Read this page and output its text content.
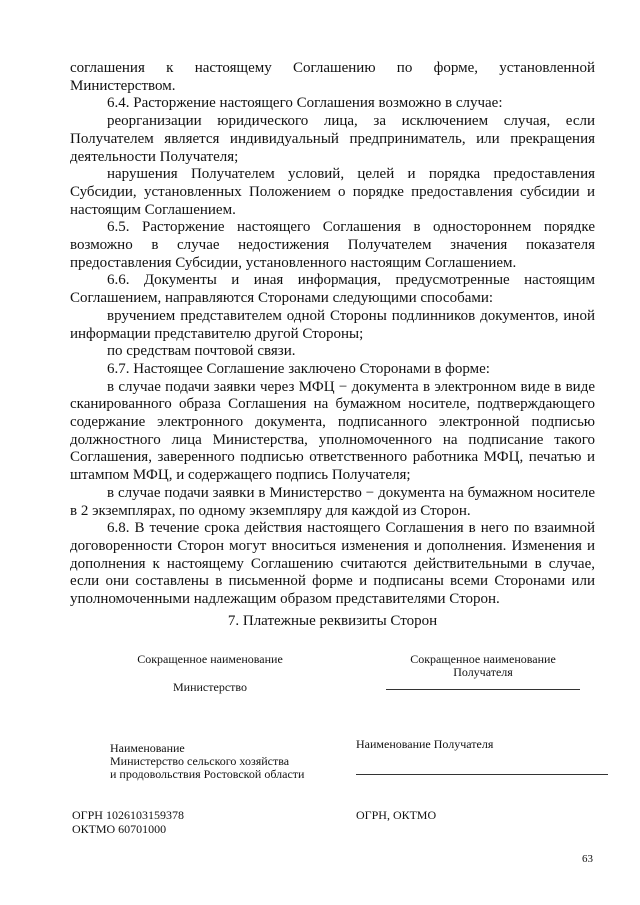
соглашения к настоящему Соглашению по форме, установленной Министерством.

6.4. Расторжение настоящего Соглашения возможно в случае:

реорганизации юридического лица, за исключением случая, если Получателем является индивидуальный предприниматель, или прекращения деятельности Получателя;

нарушения Получателем условий, целей и порядка предоставления Субсидии, установленных Положением о порядке предоставления субсидии и настоящим Соглашением.

6.5. Расторжение настоящего Соглашения в одностороннем порядке возможно в случае недостижения Получателем значения показателя предоставления Субсидии, установленного настоящим Соглашением.

6.6. Документы и иная информация, предусмотренные настоящим Соглашением, направляются Сторонами следующими способами:

вручением представителем одной Стороны подлинников документов, иной информации представителю другой Стороны;

по средствам почтовой связи.

6.7. Настоящее Соглашение заключено Сторонами в форме:

в случае подачи заявки через МФЦ − документа в электронном виде в виде сканированного образа Соглашения на бумажном носителе, подтверждающего содержание электронного документа, подписанного электронной подписью должностного лица Министерства, уполномоченного на подписание такого Соглашения, заверенного подписью ответственного работника МФЦ, печатью и штампом МФЦ, и содержащего подпись Получателя;

в случае подачи заявки в Министерство − документа на бумажном носителе в 2 экземплярах, по одному экземпляру для каждой из Сторон.

6.8. В течение срока действия настоящего Соглашения в него по взаимной договоренности Сторон могут вноситься изменения и дополнения. Изменения и дополнения к настоящему Соглашению считаются действительными в случае, если они составлены в письменной форме и подписаны всеми Сторонами или уполномоченными надлежащим образом представителями Сторон.

7. Платежные реквизиты Сторон
Сокращенное наименование
Министерство
Наименование
Министерство сельского хозяйства
и продовольствия Ростовской области
ОГРН 1026103159378
ОКТМО 60701000
Сокращенное наименование
Получателя
Наименование Получателя
ОГРН, ОКТМО
63
